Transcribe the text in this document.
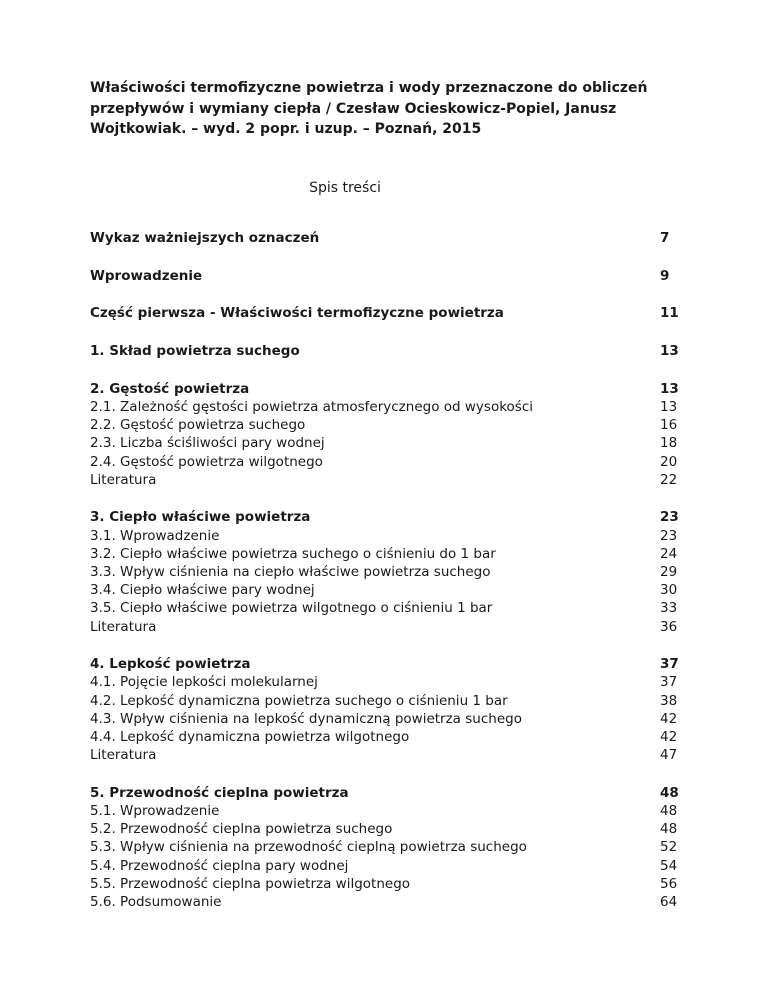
Właściwości termofizyczne powietrza i wody przeznaczone do obliczeń przepływów i wymiany ciepła / Czesław Ocieskowicz-Popiel, Janusz Wojtkowiak. – wyd. 2 popr. i uzup. – Poznań, 2015

Spis treści

Wykaz ważniejszych oznaczeń	7
Wprowadzenie	9
Część pierwsza - Właściwości termofizyczne powietrza	11
1. Skład powietrza suchego	13
2. Gęstość powietrza	13
2.1. Zależność gęstości powietrza atmosferycznego od wysokości	13
2.2. Gęstość powietrza suchego	16
2.3. Liczba ściśliwości pary wodnej	18
2.4. Gęstość powietrza wilgotnego	20
Literatura	22
3. Ciepło właściwe powietrza	23
3.1. Wprowadzenie	23
3.2. Ciepło właściwe powietrza suchego o ciśnieniu do 1 bar	24
3.3. Wpływ ciśnienia na ciepło właściwe powietrza suchego	29
3.4. Ciepło właściwe pary wodnej	30
3.5. Ciepło właściwe powietrza wilgotnego o ciśnieniu 1 bar	33
Literatura	36
4. Lepkość powietrza	37
4.1. Pojęcie lepkości molekularnej	37
4.2. Lepkość dynamiczna powietrza suchego o ciśnieniu 1 bar	38
4.3. Wpływ ciśnienia na lepkość dynamiczną powietrza suchego	42
4.4. Lepkość dynamiczna powietrza wilgotnego	42
Literatura	47
5. Przewodność cieplna powietrza	48
5.1. Wprowadzenie	48
5.2. Przewodność cieplna powietrza suchego	48
5.3. Wpływ ciśnienia na przewodność cieplną powietrza suchego	52
5.4. Przewodność cieplna pary wodnej	54
5.5. Przewodność cieplna powietrza wilgotnego	56
5.6. Podsumowanie	64
